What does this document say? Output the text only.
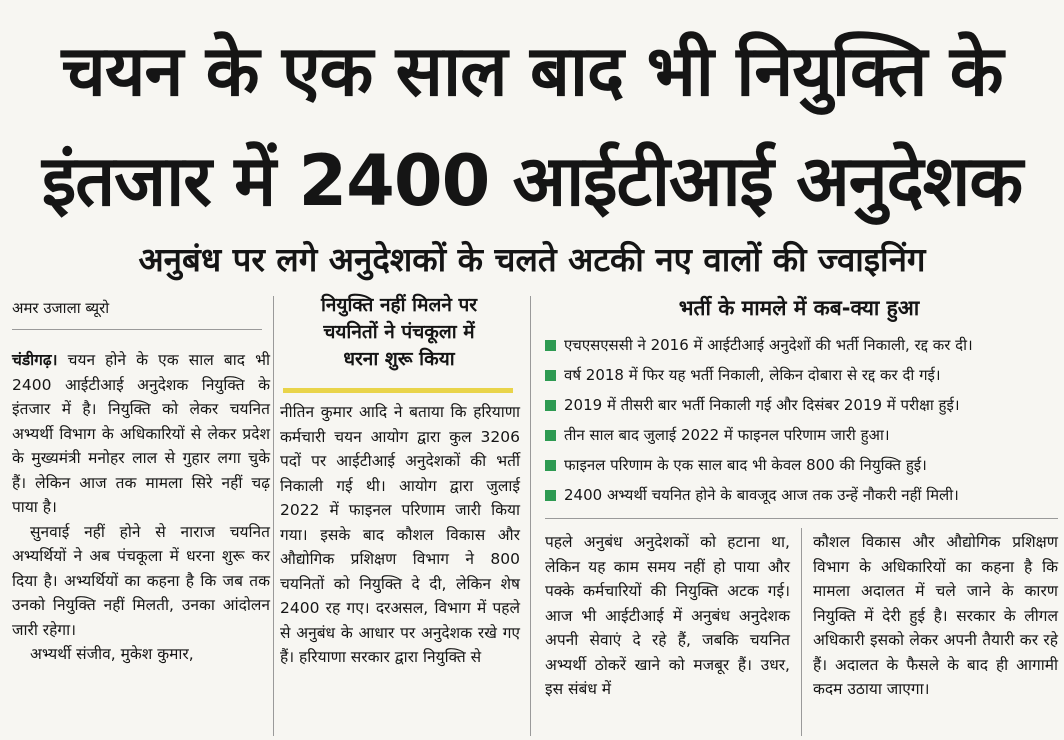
चयन के एक साल बाद भी नियुक्ति के
इंतजार में 2400 आईटीआई अनुदेशक
अनुबंध पर लगे अनुदेशकों के चलते अटकी नए वालों की ज्वाइनिंग
अमर उजाला ब्यूरो

चंडीगढ़। चयन होने के एक साल बाद भी 2400 आईटीआई अनुदेशक नियुक्ति के इंतजार में है। नियुक्ति को लेकर चयनित अभ्यर्थी विभाग के अधिकारियों से लेकर प्रदेश के मुख्यमंत्री मनोहर लाल से गुहार लगा चुके हैं। लेकिन आज तक मामला सिरे नहीं चढ़ पाया है।

सुनवाई नहीं होने से नाराज चयनित अभ्यर्थियों ने अब पंचकूला में धरना शुरू कर दिया है। अभ्यर्थियों का कहना है कि जब तक उनको नियुक्ति नहीं मिलती, उनका आंदोलन जारी रहेगा।

अभ्यर्थी संजीव, मुकेश कुमार,

नियुक्ति नहीं मिलने पर
चयनितों ने पंचकूला में
धरना शुरू किया

नीतिन कुमार आदि ने बताया कि हरियाणा कर्मचारी चयन आयोग द्वारा कुल 3206 पदों पर आईटीआई अनुदेशकों की भर्ती निकाली गई थी। आयोग द्वारा जुलाई 2022 में फाइनल परिणाम जारी किया गया। इसके बाद कौशल विकास और औद्योगिक प्रशिक्षण विभाग ने 800 चयनितों को नियुक्ति दे दी, लेकिन शेष 2400 रह गए। दरअसल, विभाग में पहले से अनुबंध के आधार पर अनुदेशक रखे गए हैं। हरियाणा सरकार द्वारा नियुक्ति से

भर्ती के मामले में कब-क्या हुआ
एचएसएससी ने 2016 में आईटीआई अनुदेशों की भर्ती निकाली, रद्द कर दी।
वर्ष 2018 में फिर यह भर्ती निकाली, लेकिन दोबारा से रद्द कर दी गई।
2019 में तीसरी बार भर्ती निकाली गई और दिसंबर 2019 में परीक्षा हुई।
तीन साल बाद जुलाई 2022 में फाइनल परिणाम जारी हुआ।
फाइनल परिणाम के एक साल बाद भी केवल 800 की नियुक्ति हुई।
2400 अभ्यर्थी चयनित होने के बावजूद आज तक उन्हें नौकरी नहीं मिली।

पहले अनुबंध अनुदेशकों को हटाना था, लेकिन यह काम समय नहीं हो पाया और पक्के कर्मचारियों की नियुक्ति अटक गई। आज भी आईटीआई में अनुबंध अनुदेशक अपनी सेवाएं दे रहे हैं, जबकि चयनित अभ्यर्थी ठोकरें खाने को मजबूर हैं। उधर, इस संबंध में

कौशल विकास और औद्योगिक प्रशिक्षण विभाग के अधिकारियों का कहना है कि मामला अदालत में चले जाने के कारण नियुक्ति में देरी हुई है। सरकार के लीगल अधिकारी इसको लेकर अपनी तैयारी कर रहे हैं। अदालत के फैसले के बाद ही आगामी कदम उठाया जाएगा।
